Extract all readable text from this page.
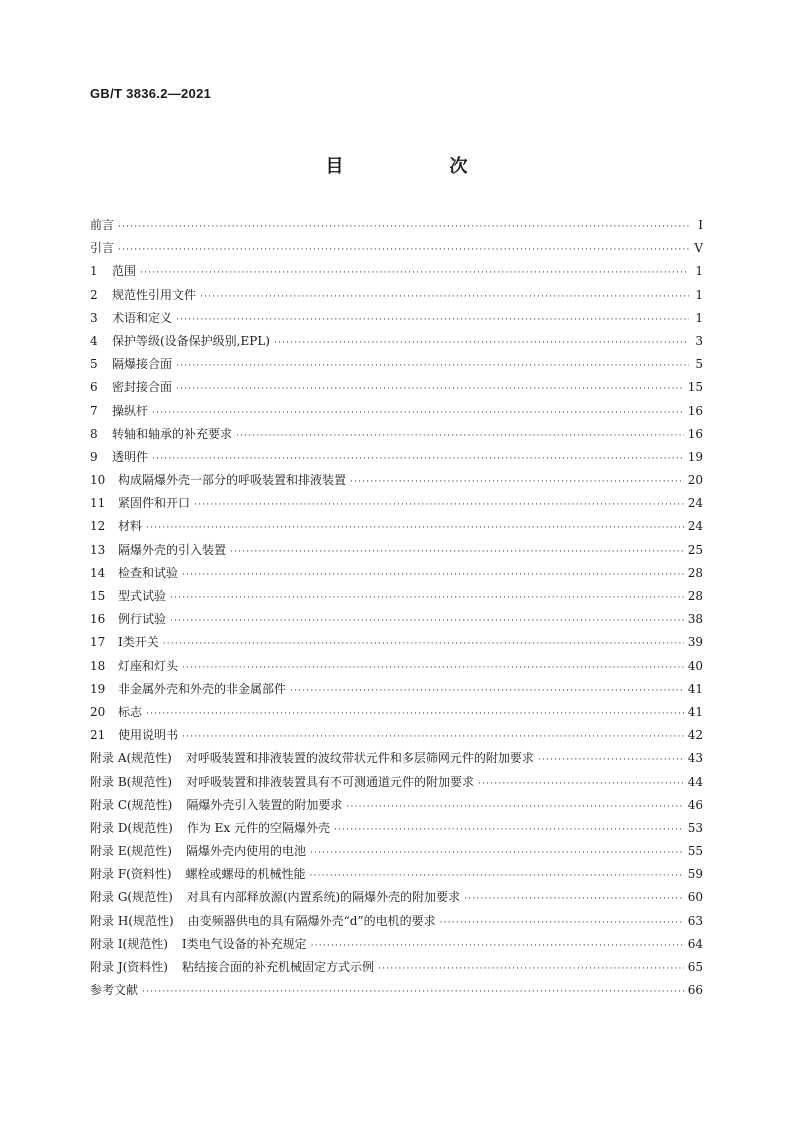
GB/T 3836.2—2021
目　次
前言 ·····	Ⅰ
引言 ·····	Ⅴ
1	范围 ·····	1
2	规范性引用文件 ·····	1
3	术语和定义 ·····	1
4	保护等级(设备保护级别,EPL) ·····	3
5	隔爆接合面 ·····	5
6	密封接合面 ·····	15
7	操纵杆 ·····	16
8	转轴和轴承的补充要求 ·····	16
9	透明件 ·····	19
10	构成隔爆外壳一部分的呼吸装置和排液装置 ·····	20
11	紧固件和开口 ·····	24
12	材料 ·····	24
13	隔爆外壳的引入装置 ·····	25
14	检查和试验 ·····	28
15	型式试验 ·····	28
16	例行试验 ·····	38
17	Ⅰ类开关 ·····	39
18	灯座和灯头 ·····	40
19	非金属外壳和外壳的非金属部件 ·····	41
20	标志 ·····	41
21	使用说明书 ·····	42
附录 A(规范性) 对呼吸装置和排液装置的波纹带状元件和多层筛网元件的附加要求 ·····	43
附录 B(规范性) 对呼吸装置和排液装置具有不可测通道元件的附加要求 ·····	44
附录 C(规范性) 隔爆外壳引入装置的附加要求 ·····	46
附录 D(规范性) 作为 Ex 元件的空隔爆外壳 ·····	53
附录 E(规范性) 隔爆外壳内使用的电池 ·····	55
附录 F(资料性) 螺栓或螺母的机械性能 ·····	59
附录 G(规范性) 对具有内部释放源(内置系统)的隔爆外壳的附加要求 ·····	60
附录 H(规范性) 由变频器供电的具有隔爆外壳“d”的电机的要求 ·····	63
附录 I(规范性) Ⅰ类电气设备的补充规定 ·····	64
附录 J(资料性) 粘结接合面的补充机械固定方式示例 ·····	65
参考文献 ·····	66
